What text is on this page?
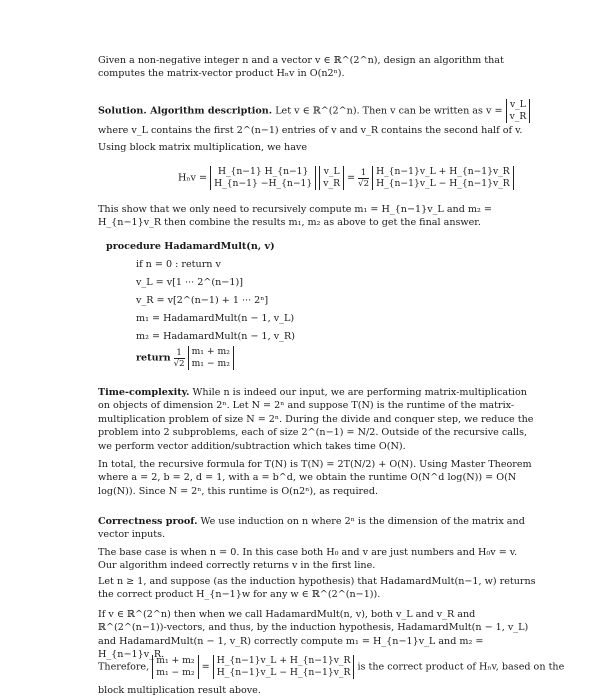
Given a non-negative integer n and a vector v ∈ ℝ^(2^n), design an algorithm that computes the matrix-vector product Hₙv in O(n2ⁿ).
Solution. Algorithm description. Let v ∈ ℝ^(2^n). Then v can be written as v = v_L
v_R
where v_L contains the first 2^(n−1) entries of v and v_R contains the second half of v.
Using block matrix multiplication, we have
Hₙv = H_{n−1} H_{n−1}
H_{n−1} −H_{n−1} v_L
v_R = $\frac{1}{√2}$ H_{n−1}v_L + H_{n−1}v_R
H_{n−1}v_L − H_{n−1}v_R
This show that we only need to recursively compute m₁ = H_{n−1}v_L and m₂ = H_{n−1}v_R then combine the results m₁, m₂ as above to get the final answer.
procedure HadamardMult(n, v)
if n = 0 : return v
v_L = v[1 ··· 2^(n−1)]
v_R = v[2^(n−1) + 1 ··· 2ⁿ]
m₁ = HadamardMult(n − 1, v_L)
m₂ = HadamardMult(n − 1, v_R)
return $\frac{1}{√2} m_1 + m_2$
m₁ − m₂
Time-complexity. While n is indeed our input, we are performing matrix-multiplication on objects of dimension 2ⁿ. Let N = 2ⁿ and suppose T(N) is the runtime of the matrix-multiplication problem of size N = 2ⁿ. During the divide and conquer step, we reduce the problem into 2 subproblems, each of size 2^(n−1) = N/2. Outside of the recursive calls, we perform vector addition/subtraction which takes time O(N).
In total, the recursive formula for T(N) is T(N) = 2T(N/2) + O(N). Using Master Theorem where a = 2, b = 2, d = 1, with a = b^d, we obtain the runtime O(N^d log(N)) = O(N log(N)). Since N = 2ⁿ, this runtime is O(n2ⁿ), as required.
Correctness proof. We use induction on n where 2ⁿ is the dimension of the matrix and vector inputs.
The base case is when n = 0. In this case both H₀ and v are just numbers and H₀v = v. Our algorithm indeed correctly returns v in the first line.
Let n ≥ 1, and suppose (as the induction hypothesis) that HadamardMult(n−1, w) returns the correct product H_{n−1}w for any w ∈ ℝ^(2^(n−1)).
If v ∈ ℝ^(2^n) then when we call HadamardMult(n, v), both v_L and v_R and ℝ^(2^(n−1))-vectors, and thus, by the induction hypothesis, HadamardMult(n − 1, v_L) and HadamardMult(n − 1, v_R) correctly compute m₁ = H_{n−1}v_L and m₂ = H_{n−1}v_R.
Therefore, m₁ + m₂
m₁ − m₂ = H_{n−1}v_L + H_{n−1}v_R
H_{n−1}v_L − H_{n−1}v_R is the correct product of Hₙv, based on the
block multiplication result above.
